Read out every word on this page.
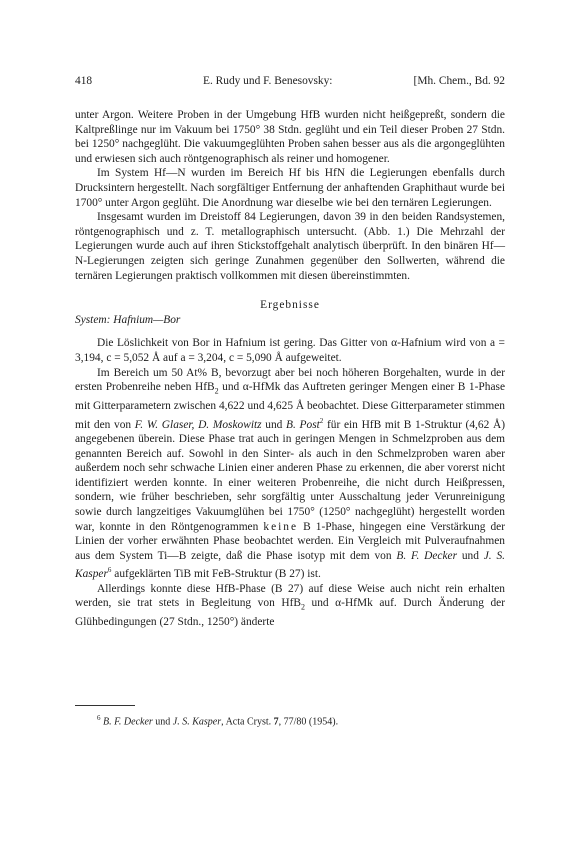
418	E. Rudy und F. Benesovsky:	[Mh. Chem., Bd. 92

unter Argon. Weitere Proben in der Umgebung HfB wurden nicht heißgepreßt, sondern die Kaltpreßlinge nur im Vakuum bei 1750° 38 Stdn. geglüht und ein Teil dieser Proben 27 Stdn. bei 1250° nachgeglüht. Die vakuumgeglühten Proben sahen besser aus als die argongeglühten und erwiesen sich auch röntgenographisch als reiner und homogener.

Im System Hf—N wurden im Bereich Hf bis HfN die Legierungen ebenfalls durch Drucksintern hergestellt. Nach sorgfältiger Entfernung der anhaftenden Graphithaut wurde bei 1700° unter Argon geglüht. Die Anordnung war dieselbe wie bei den ternären Legierungen.

Insgesamt wurden im Dreistoff 84 Legierungen, davon 39 in den beiden Randsystemen, röntgenographisch und z. T. metallographisch untersucht. (Abb. 1.) Die Mehrzahl der Legierungen wurde auch auf ihren Stickstoffgehalt analytisch überprüft. In den binären Hf—N-Legierungen zeigten sich geringe Zunahmen gegenüber den Sollwerten, während die ternären Legierungen praktisch vollkommen mit diesen übereinstimmten.

Ergebnisse

System: Hafnium—Bor

Die Löslichkeit von Bor in Hafnium ist gering. Das Gitter von α-Hafnium wird von a = 3,194, c = 5,052 Å auf a = 3,204, c = 5,090 Å aufgeweitet.

Im Bereich um 50 At% B, bevorzugt aber bei noch höheren Borgehalten, wurde in der ersten Probenreihe neben HfB$_2$ und α-HfMk das Auftreten geringer Mengen einer B 1-Phase mit Gitterparametern zwischen 4,622 und 4,625 Å beobachtet. Diese Gitterparameter stimmen mit den von F. W. Glaser, D. Moskowitz und B. Post$^2$ für ein HfB mit B 1-Struktur (4,62 Å) angegebenen überein. Diese Phase trat auch in geringen Mengen in Schmelzproben aus dem genannten Bereich auf. Sowohl in den Sinter- als auch in den Schmelzproben waren aber außerdem noch sehr schwache Linien einer anderen Phase zu erkennen, die aber vorerst nicht identifiziert werden konnte. In einer weiteren Probenreihe, die nicht durch Heißpressen, sondern, wie früher beschrieben, sehr sorgfältig unter Ausschaltung jeder Verunreinigung sowie durch langzeitiges Vakuumglühen bei 1750° (1250° nachgeglüht) hergestellt worden war, konnte in den Röntgenogrammen keine B 1-Phase, hingegen eine Verstärkung der Linien der vorher erwähnten Phase beobachtet werden. Ein Vergleich mit Pulveraufnahmen aus dem System Ti—B zeigte, daß die Phase isotyp mit dem von B. F. Decker und J. S. Kasper$^6$ aufgeklärten TiB mit FeB-Struktur (B 27) ist.

Allerdings konnte diese HfB-Phase (B 27) auf diese Weise auch nicht rein erhalten werden, sie trat stets in Begleitung von HfB$_2$ und α-HfMk auf. Durch Änderung der Glühbedingungen (27 Stdn., 1250°) änderte

$^6$ B. F. Decker und J. S. Kasper, Acta Cryst. 7, 77/80 (1954).
